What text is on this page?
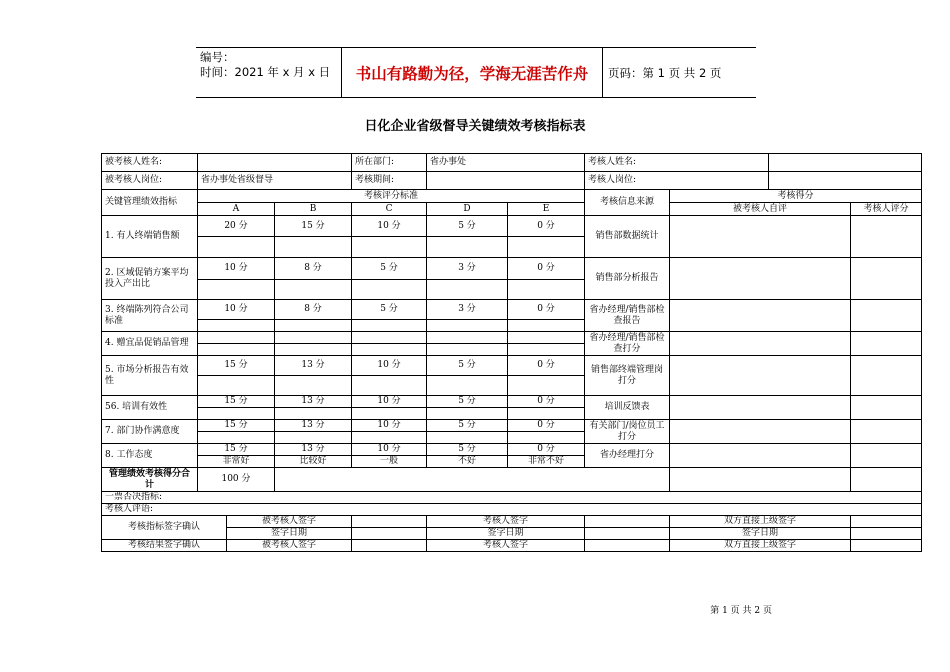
编号：
时间：2021 年 x 月 x 日	书山有路勤为径，学海无涯苦作舟	页码：第 1 页 共 2 页
日化企业省级督导关键绩效考核指标表
被考核人姓名:				所在部门:	省办事处		考核人姓名:			
被考核人岗位:	省办事处省级督导			考核期间:			考核人岗位:			
关键管理绩效指标	考核评分标准						考核信息来源	考核得分		
	A		B	C	D	E		被考核人自评		考核人评分
1. 有人终端销售额	20 分		15 分	10 分	5 分	0 分	销售部数据统计			

2. 区域促销方案平均投入产出比	10 分		8 分	5 分	3 分	0 分	销售部分析报告			

3. 终端陈列符合公司标准	10 分		8 分	5 分	3 分	0 分	省办经理/销售部检查报告			

4. 赠宜品促销品管理							省办经理/销售部检查打分			

5. 市场分析报告有效性	15 分		13 分	10 分	5 分	0 分	销售部终端管理岗打分			

56. 培训有效性	15 分		13 分	10 分	5 分	0 分	培训反馈表			

7. 部门协作满意度	15 分		13 分	10 分	5 分	0 分	有关部门/岗位员工打分			

8. 工作态度	15 分		13 分	10 分	5 分	0 分	省办经理打分			
	非常好		比较好	一般	不好	非常不好				
管理绩效考核得分合计	100 分									
一票否决指标:										
考核人评语:										
考核指标签字确认		被考核人签字			考核人签字			双方直接上级签字		
		签字日期			签字日期			签字日期		
考核结果签字确认		被考核人签字			考核人签字			双方直接上级签字		
第 1 页 共 2 页
